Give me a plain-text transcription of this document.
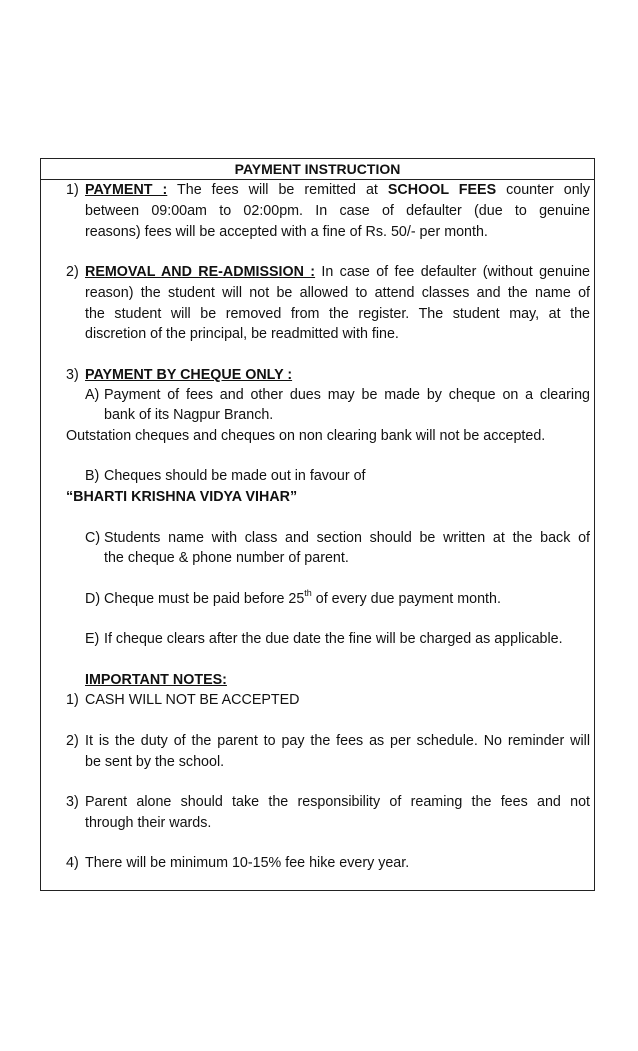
PAYMENT INSTRUCTION
1) PAYMENT : The fees will be remitted at SCHOOL FEES counter only
between 09:00am to 02:00pm. In case of defaulter (due to genuine
reasons) fees will be accepted with a fine of Rs. 50/- per month.
2) REMOVAL AND RE-ADMISSION : In case of fee defaulter (without genuine
reason) the student will not be allowed to attend classes and the name of
the student will be removed from the register. The student may, at the
discretion of the principal, be readmitted with fine.
3) PAYMENT BY CHEQUE ONLY :
A) Payment of fees and other dues may be made by cheque on a clearing
bank of its Nagpur Branch.
Outstation cheques and cheques on non clearing bank will not be accepted.
B) Cheques should be made out in favour of
“BHARTI KRISHNA VIDYA VIHAR”
C) Students name with class and section should be written at the back of
the cheque & phone number of parent.
D) Cheque must be paid before 25th of every due payment month.
E) If cheque clears after the due date the fine will be charged as applicable.
IMPORTANT NOTES:
1) CASH WILL NOT BE ACCEPTED
2) It is the duty of the parent to pay the fees as per schedule. No reminder will
be sent by the school.
3) Parent alone should take the responsibility of reaming the fees and not
through their wards.
4) There will be minimum 10-15% fee hike every year.
